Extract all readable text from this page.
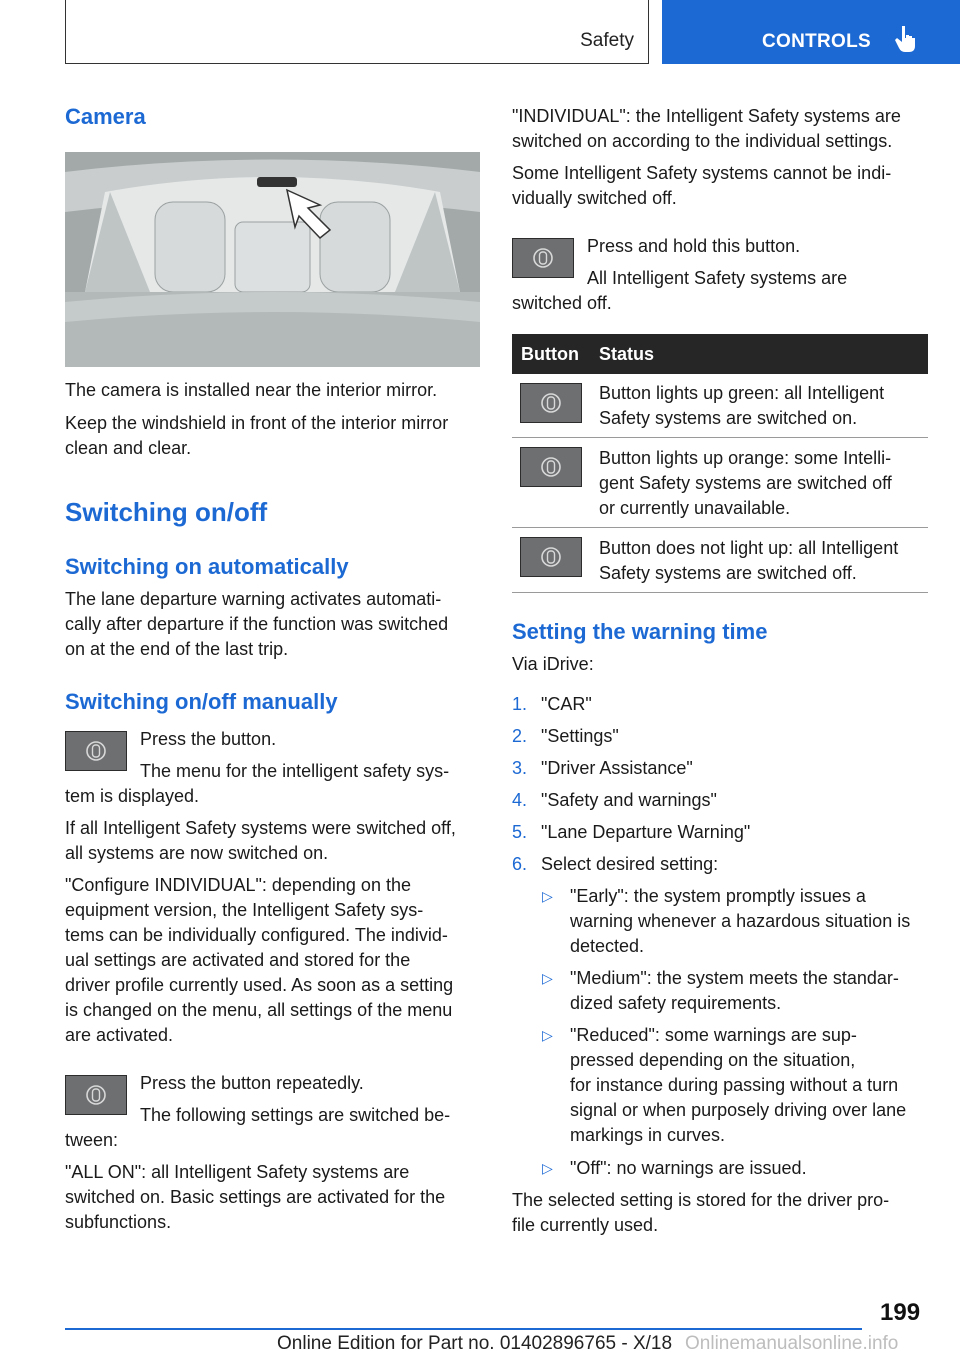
Safety	CONTROLS

Camera

The camera is installed near the interior mirror.

Keep the windshield in front of the interior mirror

clean and clear.

Switching on/off

Switching on automatically

The lane departure warning activates automati-

cally after departure if the function was switched

on at the end of the last trip.

Switching on/off manually

Press the button.

The menu for the intelligent safety sys-

tem is displayed.

If all Intelligent Safety systems were switched off,

all systems are now switched on.

"Configure INDIVIDUAL": depending on the

equipment version, the Intelligent Safety sys-

tems can be individually configured. The individ-

ual settings are activated and stored for the

driver profile currently used. As soon as a setting

is changed on the menu, all settings of the menu

are activated.

Press the button repeatedly.

The following settings are switched be-

tween:

"ALL ON": all Intelligent Safety systems are

switched on. Basic settings are activated for the

subfunctions.

"INDIVIDUAL": the Intelligent Safety systems are

switched on according to the individual settings.

Some Intelligent Safety systems cannot be indi-

vidually switched off.

Press and hold this button.

All Intelligent Safety systems are

switched off.

Button Status

Button lights up green: all Intelligent

Safety systems are switched on.

Button lights up orange: some Intelli-

gent Safety systems are switched off

or currently unavailable.

Button does not light up: all Intelligent

Safety systems are switched off.

Setting the warning time

Via iDrive:

1. "CAR"

2. "Settings"

3. "Driver Assistance"

4. "Safety and warnings"

5. "Lane Departure Warning"

6. Select desired setting:

▷ "Early": the system promptly issues a

warning whenever a hazardous situation is

detected.

▷ "Medium": the system meets the standar-

dized safety requirements.

▷ "Reduced": some warnings are sup-

pressed depending on the situation,

for instance during passing without a turn

signal or when purposely driving over lane

markings in curves.

▷ "Off": no warnings are issued.

The selected setting is stored for the driver pro-

file currently used.

199
Online Edition for Part no. 01402896765 - X/18 Onlinemanualsonline.info
